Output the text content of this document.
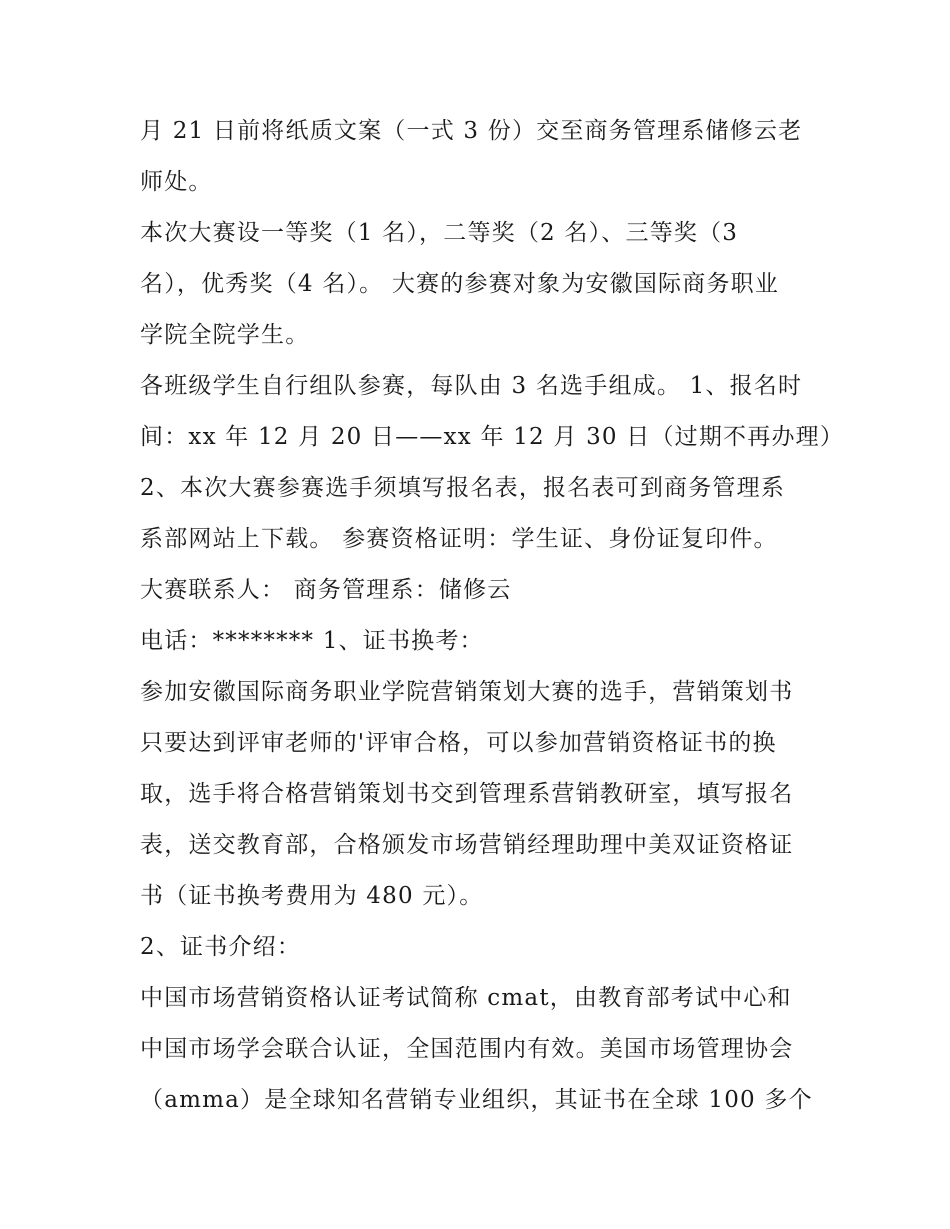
月 21 日前将纸质文案（一式 3 份）交至商务管理系储修云老
师处。
本次大赛设一等奖（1 名），二等奖（2 名）、三等奖（3
名），优秀奖（4 名）。 大赛的参赛对象为安徽国际商务职业
学院全院学生。
各班级学生自行组队参赛，每队由 3 名选手组成。 1、报名时
间：xx 年 12 月 20 日——xx 年 12 月 30 日（过期不再办理）
2、本次大赛参赛选手须填写报名表，报名表可到商务管理系
系部网站上下载。 参赛资格证明：学生证、身份证复印件。
大赛联系人： 商务管理系：储修云
电话：******** 1、证书换考：
参加安徽国际商务职业学院营销策划大赛的选手，营销策划书
只要达到评审老师的'评审合格，可以参加营销资格证书的换
取，选手将合格营销策划书交到管理系营销教研室，填写报名
表，送交教育部，合格颁发市场营销经理助理中美双证资格证
书（证书换考费用为 480 元）。
2、证书介绍：
中国市场营销资格认证考试简称 cmat，由教育部考试中心和
中国市场学会联合认证，全国范围内有效。美国市场管理协会
（amma）是全球知名营销专业组织，其证书在全球 100 多个
